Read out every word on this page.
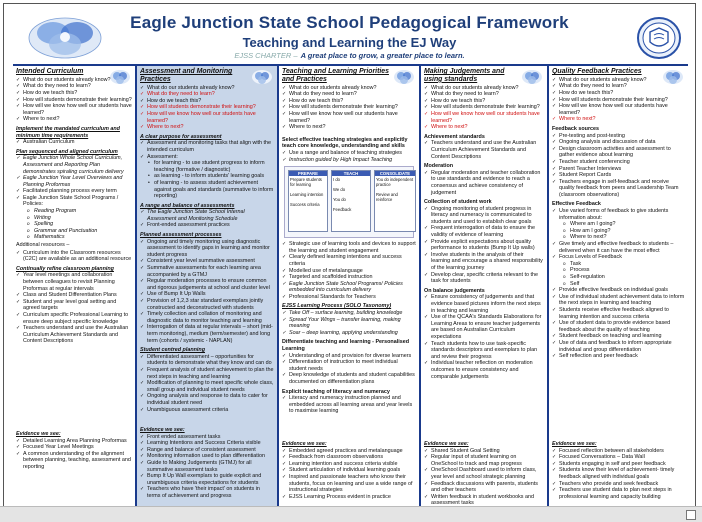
Eagle Junction State School Pedagogical Framework
Teaching and Learning the EJ Way
EJSS CHARTER – A great place to grow, a greater place to learn.
Intended Curriculum
✓ What do our students already know?
✓ What do they need to learn?
✓ How do we teach this?
✓ How will students demonstrate their learning?
✓ How will we know how well our students have learned?
✓ Where to next?
Implement the mandated curriculum and minimum time requirements
✓ Australian Curriculum
Plan sequenced and aligned curriculum
✓ Eagle Junction Whole School Curriculum, Assessment and Reporting Plan demonstrates spiraling curriculum delivery
✓ Eagle Junction Year Level Overviews and Planning Proformas
✓ Facilitated planning process every term
✓ Eagle Junction State School Programs / Policies:
o Reading Program
o Writing
o Spelling
o Grammar and Punctuation
o Mathematics
Additional resources –
✓ Curriculum into the Classroom resources (C2C) are available as an additional resource
Continually refine classroom planning
✓ Year level meetings and collaboration between colleagues to revisit Planning Proformas at regular intervals
✓ Class and Student Differentiation Plans
✓ Student and year level goal setting and agreed targets
✓ Curriculum specific Professional Learning to ensure deep subject specific knowledge
✓ Teachers understand and use the Australian Curriculum Achievement Standards and Content Descriptions
Evidence we see:
✓ Detailed Learning Area Planning Proformas
✓ Focused Year Level Meetings
✓ A common understanding of the alignment between planning, teaching, assessment and reporting
Assessment and Monitoring Practices
✓ What do our students already know?
✓ What do they need to learn?
✓ How do we teach this?
✓ How will students demonstrate their learning?
✓ How will we know how well our students have learned?
✓ Where to next?
A clear purpose for assessment
✓ Assessment and monitoring tasks that align with the intended curriculum
✓ Assessment:
• for learning - to use student progress to inform teaching (formative / diagnostic)
• as learning - to inform students' learning goals
• of learning - to assess student achievement against goals and standards (summative to inform reporting)
A range and balance of assessments
✓ The Eagle Junction State School Internal Assessment and Monitoring Schedule
✓ Front-ended assessment practices
Planned assessment processes
✓ Ongoing and timely monitoring using diagnostic assessment to identify gaps in learning and monitor student progress
✓ Consistent year level summative assessment
✓ Summative assessments for each learning area accompanied by a GTMJ
✓ Regular moderation processes to ensure common and rigorous judgements at school and cluster level
✓ Use of Bump It Up Walls
✓ Provision of 1,2,3 star standard exemplars jointly constructed and deconstructed with students
✓ Timely collection and collation of monitoring and diagnostic data to monitor teaching and learning
✓ Interrogation of data at regular intervals – short (mid-term monitoring), medium (term/semester) and long term (cohorts / systemic - NAPLAN)
Student centred planning
✓ Differentiated assessment – opportunities for students to demonstrate what they know and can do
✓ Frequent analysis of student achievement to plan the next steps in teaching and learning
✓ Modification of planning to meet specific whole class, small group and individual student needs
✓ Ongoing analysis and response to data to cater for individual student need
✓ Unambiguous assessment criteria
Evidence we see:
✓ Front ended assessment tasks
✓ Learning Intentions and Success Criteria visible
✓ Range and balance of consistent assessment
✓ Monitoring information used to plan differentiation
✓ Guide to Making Judgements (GTMJ) for all summative assessment tasks
✓ Bump It Up Wall exemplars to guide explicit and unambiguous criteria expectations for students
✓ Teachers who have 'their impact' on students in terms of achievement and progress
Teaching and Learning Priorities and Practices
✓ What do our students already know?
✓ What do they need to learn?
✓ How do we teach this?
✓ How will students demonstrate their learning?
✓ How will we know how well our students have learned?
✓ Where to next?
Select effective teaching strategies and explicitly teach core knowledge, understanding and skills
✓ Use a range and balance of teaching strategies
✓ Instruction guided by High Impact Teaching
PREPARE
Prepare students for learning

Learning intention

Success criteria
TEACH
I do

We do

You do

Feedback
CONSOLIDATE
You do independent practice

Review and reinforce
✓ Strategic use of learning tools and devices to support the learning and student engagement
✓ Clearly defined learning intentions and success criteria
✓ Modelled use of metalanguage
✓ Targeted and scaffolded instruction
✓ Eagle Junction State School Programs/ Policies embedded into curriculum delivery
✓ Professional Standards for Teachers
EJSS Learning Process (SOLO Taxonomy)
✓ Take Off – surface learning, building knowledge
✓ Spread Your Wings – transfer learning, making meaning
✓ Soar – deep learning, applying understanding
Differentiate teaching and learning - Personalised Learning
✓ Understanding of and provision for diverse learners
✓ Differentiation of instruction to meet individual student needs
✓ Deep knowledge of students and student capabilities documented on differentiation plans
Explicit teaching of literacy and numeracy
✓ Literacy and numeracy instruction planned and embedded across all learning areas and year levels to maximise learning
Evidence we see:
✓ Embedded agreed practices and metalanguage
✓ Feedback from classroom observations
✓ Learning intention and success criteria visible
✓ Student articulation of individual learning goals
✓ Inspired and passionate teachers who know their students, focus on learning and use a wide range of instructional strategies
✓ EJSS Learning Process evident in practice
Making Judgements and using standards
✓ What do our students already know?
✓ What do they need to learn?
✓ How do we teach this?
✓ How will students demonstrate their learning?
✓ How will we know how well our students have learned?
✓ Where to next?
Achievement standards
✓ Teachers understand and use the Australian Curriculum Achievement Standards and Content Descriptions
Moderation
✓ Regular moderation and teacher collaboration to use standards and evidence to reach a consensus and achieve consistency of judgement
Collection of student work
✓ Ongoing monitoring of student progress in literacy and numeracy is communicated to students and used to establish clear goals
✓ Frequent interrogation of data to ensure the validity of evidence of learning
✓ Provide explicit expectations about quality performance to students (Bump It Up walls)
✓ Involve students in the analysis of their learning and encourage a shared responsibility of the learning journey
✓ Develop clear, specific criteria relevant to the task for students
On balance judgements
✓ Ensure consistency of judgements and that evidence based pictures inform the next steps in teaching and learning
✓ Use of the QCAA's Standards Elaborations for Learning Areas to ensure teacher judgements are based on Australian Curriculum expectations
✓ Teach students how to use task-specific standards descriptors and exemplars to plan and review their progress
✓ Individual teacher reflection on moderation outcomes to ensure consistency and comparable judgements
Evidence we see:
✓ Shared Student Goal Setting
✓ Regular input of student learning on OneSchool to track and map progress
✓ OneSchool Dashboard used to inform class, year level and school strategic planning
✓ Feedback discussions with parents, students and other teachers
✓ Written feedback in student workbooks and assessment tasks
Quality Feedback Practices
✓ What do our students already know?
✓ What do they need to learn?
✓ How do we teach this?
✓ How will students demonstrate their learning?
✓ How will we know how well our students have learned?
✓ Where to next?
Feedback sources
✓ Pre-testing and post-testing
✓ Ongoing analysis and discussion of data
✓ Design classroom activities and assessment to gather evidence about learning
✓ Teacher student conferencing
✓ Parent Teacher Interviews
✓ Student Report Cards
✓ Teachers engage in self-feedback and receive quality feedback from peers and Leadership Team (classroom observations)
Effective Feedback
✓ Use varied forms of feedback to give students information about:
o Where am I going?
o How am I going?
o Where to next?
✓ Give timely and effective feedback to students – delivered when it can have the most effect
✓ Focus Levels of Feedback
o Task
o Process
o Self-regulation
o Self
✓ Provide effective feedback on individual goals
✓ Use of individual student achievement data to inform the next steps in learning and teaching
✓ Students receive effective feedback aligned to learning intention and success criteria
✓ Use of student data to provide evidence based feedback about the quality of teaching
✓ Student feedback on teaching and learning
✓ Use of data and feedback to inform appropriate individual and group differentiation
✓ Self reflection and peer feedback
Evidence we see:
✓ Focused reflection between all stakeholders
✓ Focused Conversations – Data Wall
✓ Students engaging in self and peer feedback
✓ Students know their level of achievement- timely feedback aligned with individual goals
✓ Teachers who provide and seek feedback
✓ Teachers use student data to plan next steps in professional learning and capacity building
